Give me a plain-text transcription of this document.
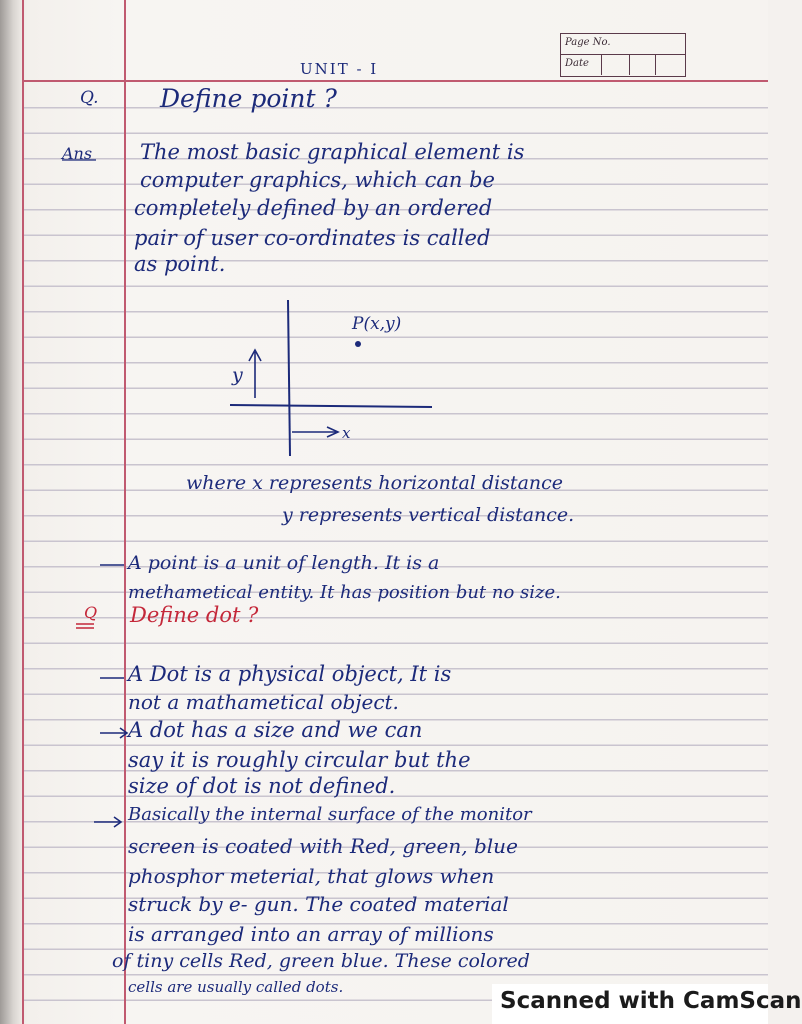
Page No.
Date
UNIT - I
Q. Define point ?
Ans The most basic graphical element is
computer graphics, which can be
completely defined by an ordered
pair of user co-ordinates is called
as point.
P(x,y)
y
x
where x represents horizontal distance
y represents vertical distance.
A point is a unit of length. It is a
methametical entity. It has position but no size.
Q Define dot ?
A Dot is a physical object, It is
not a mathametical object.
A dot has a size and we can
say it is roughly circular but the
size of dot is not defined.
Basically the internal surface of the monitor
screen is coated with Red, green, blue
phosphor meterial, that glows when
struck by e- gun. The coated material
is arranged into an array of millions
of tiny cells Red, green blue. These colored
cells are usually called dots.
Scanned with CamScan
